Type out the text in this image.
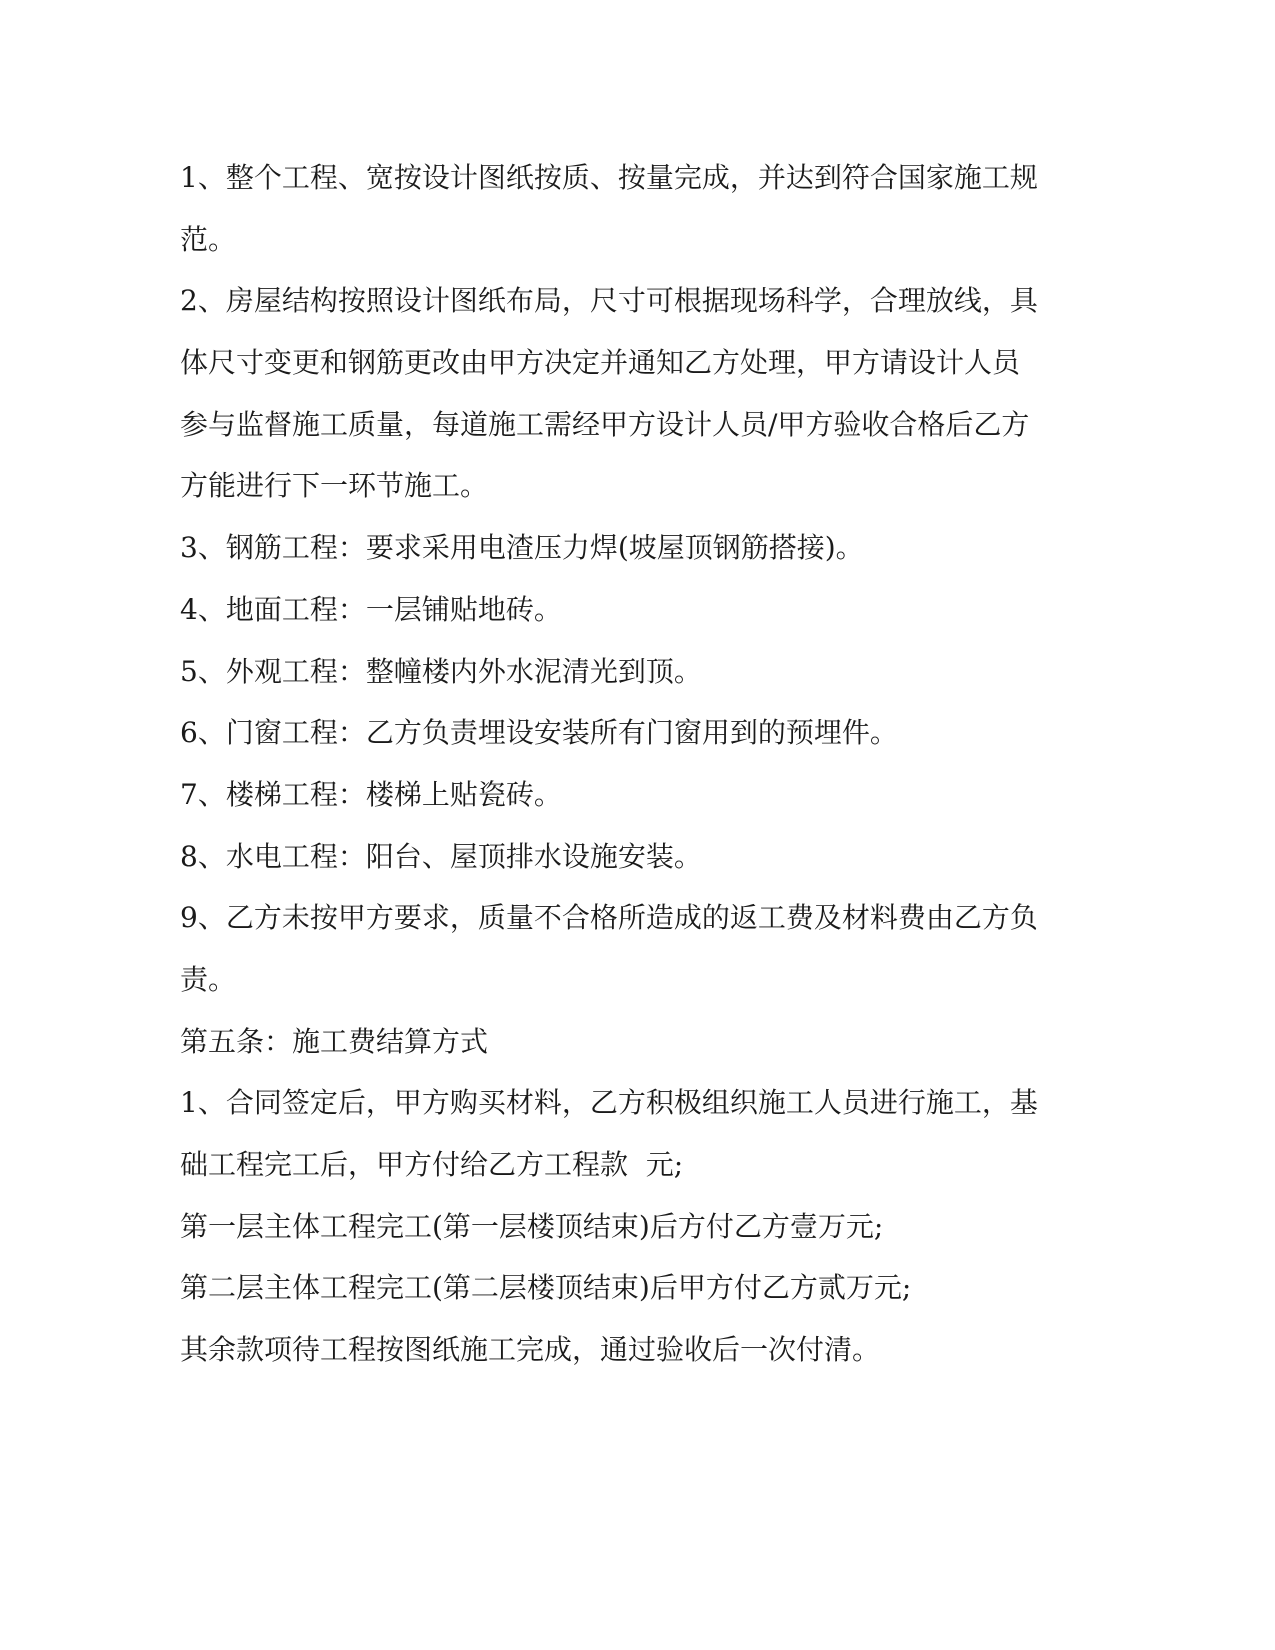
1、整个工程、宽按设计图纸按质、按量完成，并达到符合国家施工规
范。
2、房屋结构按照设计图纸布局，尺寸可根据现场科学，合理放线，具
体尺寸变更和钢筋更改由甲方决定并通知乙方处理，甲方请设计人员
参与监督施工质量，每道施工需经甲方设计人员/甲方验收合格后乙方
方能进行下一环节施工。
3、钢筋工程：要求采用电渣压力焊(坡屋顶钢筋搭接)。
4、地面工程：一层铺贴地砖。
5、外观工程：整幢楼内外水泥清光到顶。
6、门窗工程：乙方负责埋设安装所有门窗用到的预埋件。
7、楼梯工程：楼梯上贴瓷砖。
8、水电工程：阳台、屋顶排水设施安装。
9、乙方未按甲方要求，质量不合格所造成的返工费及材料费由乙方负
责。
第五条：施工费结算方式
1、合同签定后，甲方购买材料，乙方积极组织施工人员进行施工，基
础工程完工后，甲方付给乙方工程款  元;
第一层主体工程完工(第一层楼顶结束)后方付乙方壹万元;
第二层主体工程完工(第二层楼顶结束)后甲方付乙方贰万元;
其余款项待工程按图纸施工完成，通过验收后一次付清。
